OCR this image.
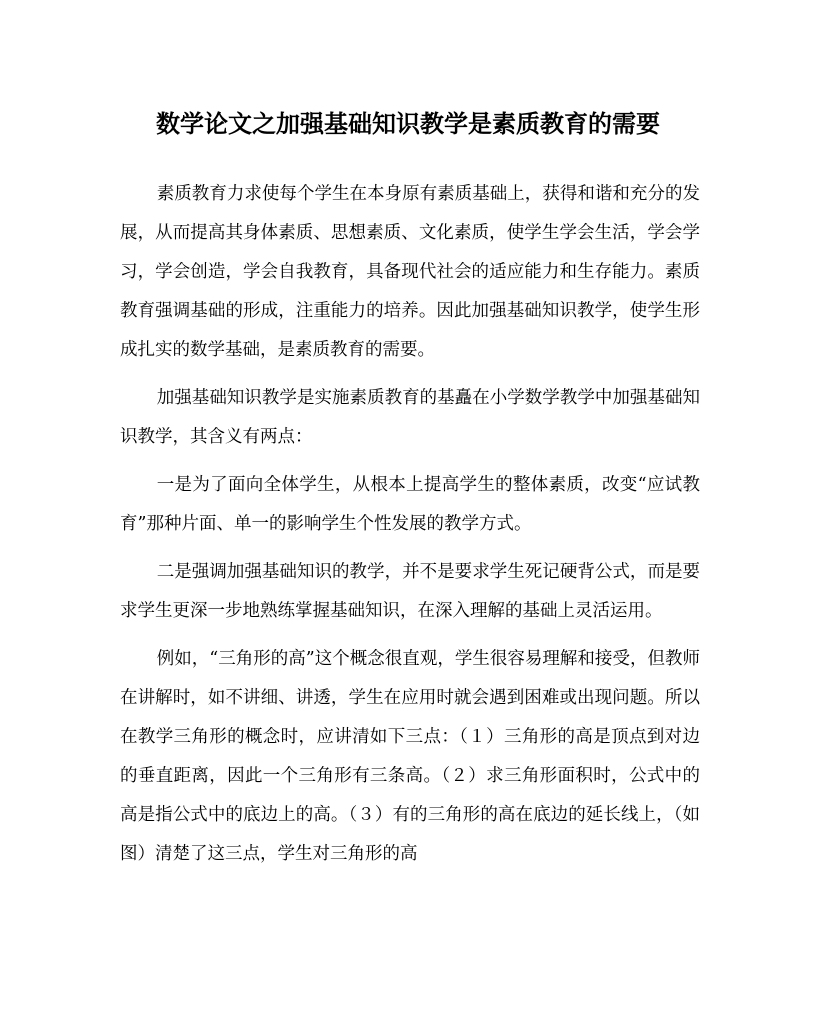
数学论文之加强基础知识教学是素质教育的需要

素质教育力求使每个学生在本身原有素质基础上，获得和谐和充分的发展，从而提高其身体素质、思想素质、文化素质，使学生学会生活，学会学习，学会创造，学会自我教育，具备现代社会的适应能力和生存能力。素质教育强调基础的形成，注重能力的培养。因此加强基础知识教学，使学生形成扎实的数学基础，是素质教育的需要。

加强基础知识教学是实施素质教育的基矗在小学数学教学中加强基础知识教学，其含义有两点：

一是为了面向全体学生，从根本上提高学生的整体素质，改变“应试教育”那种片面、单一的影响学生个性发展的教学方式。

二是强调加强基础知识的教学，并不是要求学生死记硬背公式，而是要求学生更深一步地熟练掌握基础知识，在深入理解的基础上灵活运用。

例如，“三角形的高”这个概念很直观，学生很容易理解和接受，但教师在讲解时，如不讲细、讲透，学生在应用时就会遇到困难或出现问题。所以在教学三角形的概念时，应讲清如下三点：（１）三角形的高是顶点到对边的垂直距离，因此一个三角形有三条高。（２）求三角形面积时，公式中的高是指公式中的底边上的高。（３）有的三角形的高在底边的延长线上，（如图）清楚了这三点，学生对三角形的高
